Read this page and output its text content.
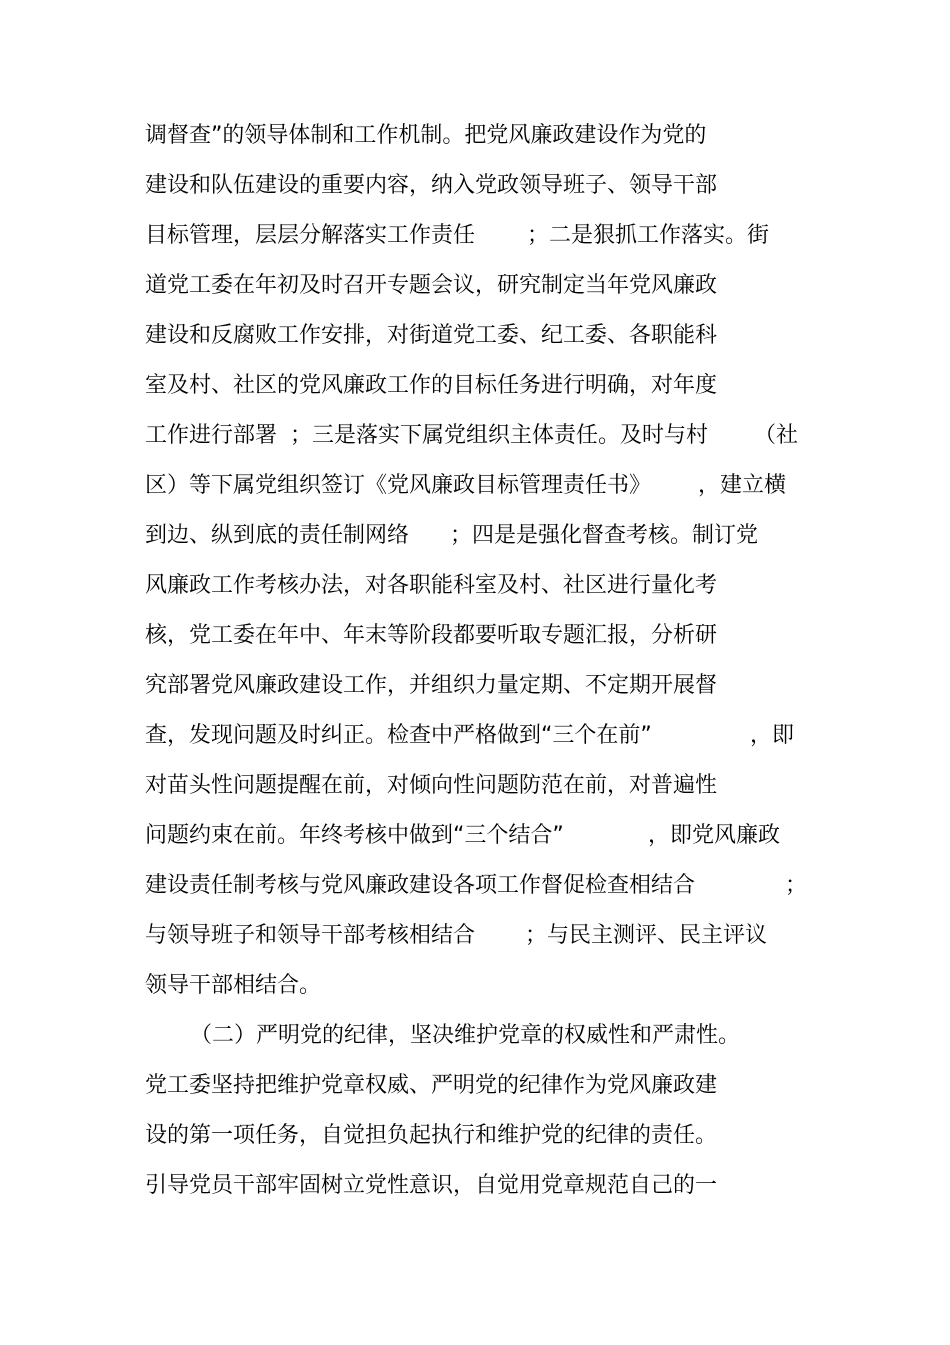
调督查”的领导体制和工作机制。把党风廉政建设作为党的
建设和队伍建设的重要内容，纳入党政领导班子、领导干部
目标管理，层层分解落实工作责任 ；二是狠抓工作落实。街
道党工委在年初及时召开专题会议，研究制定当年党风廉政
建设和反腐败工作安排，对街道党工委、纪工委、各职能科
室及村、社区的党风廉政工作的目标任务进行明确，对年度
工作进行部署 ；三是落实下属党组织主体责任。及时与村 （社
区）等下属党组织签订《党风廉政目标管理责任书》 ，建立横
到边、纵到底的责任制网络 ；四是是强化督查考核。制订党
风廉政工作考核办法，对各职能科室及村、社区进行量化考
核，党工委在年中、年末等阶段都要听取专题汇报，分析研
究部署党风廉政建设工作，并组织力量定期、不定期开展督
查，发现问题及时纠正。检查中严格做到“三个在前”	，即
对苗头性问题提醒在前，对倾向性问题防范在前，对普遍性
问题约束在前。年终考核中做到“三个结合”	，即党风廉政
建设责任制考核与党风廉政建设各项工作督促检查相结合	；
与领导班子和领导干部考核相结合 ；与民主测评、民主评议
领导干部相结合。
（二）严明党的纪律，坚决维护党章的权威性和严肃性。
党工委坚持把维护党章权威、严明党的纪律作为党风廉政建
设的第一项任务，自觉担负起执行和维护党的纪律的责任。
引导党员干部牢固树立党性意识，自觉用党章规范自己的一
